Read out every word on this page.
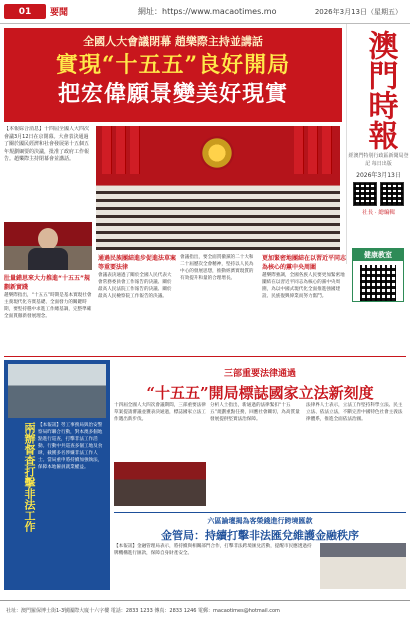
01	要聞	網址：https://www.macaotimes.mo	2026年3月13日（星期五）
全國人大會議閉幕 趙樂際主持並講話
實現“十五五”良好開局
把宏偉願景變美好現實	澳門時報
經澳門特別行政區新聞局登記 每日出版
2026年3月13日
社長 · 總編輯
健康教室
【本報綜合消息】十四屆全國人大四次會議3月12日在京閉幕。大會表決通過了關於國民經濟和社會發展第十五個五年規劃綱要的決議，批准了政府工作報告。趙樂際主持閉幕會並講話。
肚量錯思來大力推進“十五五”規劃新實踐
趙樂際指出，“十五五”時期是基本實現社會主義現代化夯實基礎、全面發力的關鍵時期，要堅持穩中求進工作總基調，完整準確全面貫徹新發展理念。
通過民族團結進步促進法草案等重要法律
會議表決通過了關於全國人民代表大會常務委員會工作報告的決議、關於最高人民法院工作報告的決議、關於最高人民檢察院工作報告的決議。
會議指出，要全面貫徹黨的二十大和二十屆歷次全會精神，堅持以人民為中心的發展思想，推動經濟實現質的有效提升和量的合理增長。
更加緊密地團結在以習近平同志為核心的黨中央周圍
趙樂際強調，全國各族人民要更加緊密地團結在以習近平同志為核心的黨中央周圍，為以中國式現代化全面推進強國建設、民族復興偉業而努力奮鬥。
兩辦督查打擊非法工作 【本報訊】勞工事務局與治安警察局昨聯合行動，對本澳多個地點進行巡查，打擊非法工作活動。行動中共巡查多個工地及食肆，截獲多名涉嫌非法工作人士。當局重申將持續加強執法，保障本地僱員就業權益。
三部重要法律通過
“十五五”開局標誌國家立法新刻度
十四屆全國人大四次會議期間，三部重要法律草案提請審議並獲表決通過，標誌國家立法工作邁出新步伐。
分析人士指出，新通過的法律緊扣“十五五”規劃重點任務，回應社會關切，為高質量發展提供堅實法治保障。
法律界人士表示，立法工作堅持科學立法、民主立法、依法立法，不斷完善中國特色社會主義法律體系，推進全面依法治國。
六區論壇揭為客榮錢進行跨境匯款
金管局：持續打擊非法匯兌維護金融秩序
【本報訊】金融管理局表示，將持續與相關部門合作，打擊非法跨境匯兌活動，提醒市民應透過持牌機構進行匯款，保障自身財產安全。
社址：澳門羅保博士街1-3號國際大廈十六字樓 電話：2833 1233 傳真：2833 1246 電郵：macaotimes@hotmail.com
